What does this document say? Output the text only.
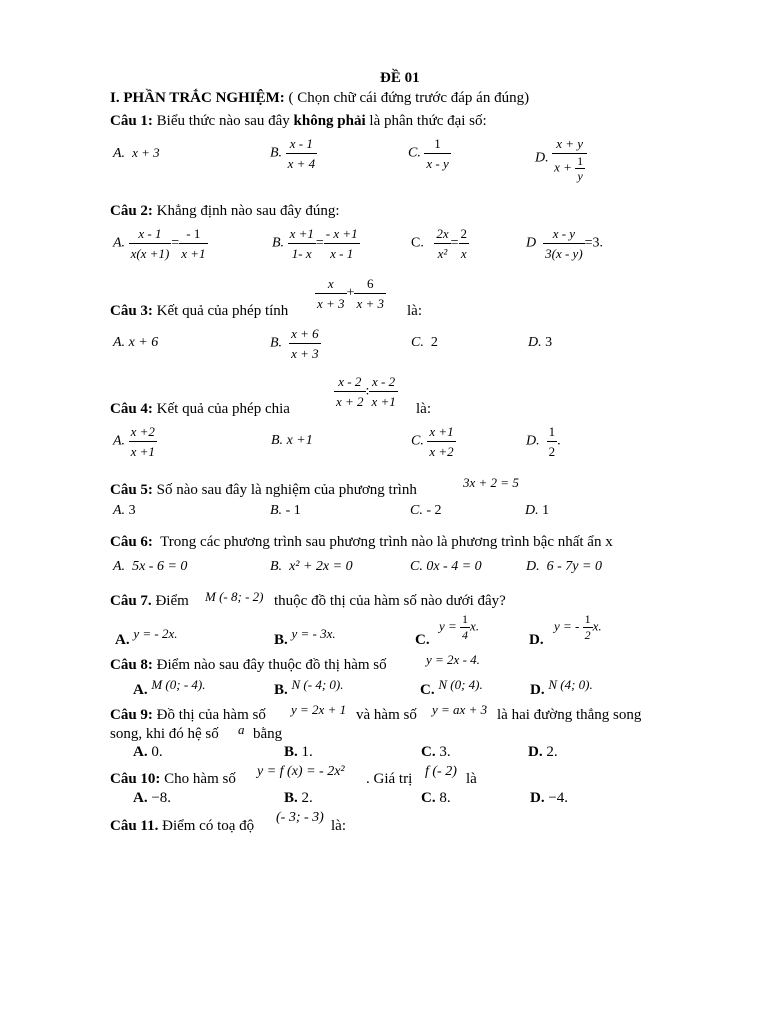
ĐỀ 01
I. PHẦN TRẮC NGHIỆM: ( Chọn chữ cái đứng trước đáp án đúng)
Câu 1: Biểu thức nào sau đây không phải là phân thức đại số:
A. x + 3	B. $\frac{x - 1}{x + 4}$	C. $\frac{1}{x - y}$	D. $\frac{x + y}{x + \frac{1}{y}}$
Câu 2: Khẳng định nào sau đây đúng:
A. $\frac{x - 1}{x(x +1)} = \frac{- 1}{x +1}$	B. $\frac{x +1}{1- x} = \frac{- x +1}{x - 1}$	C. $\frac{2x}{\text{x²}} = \frac{2}{x}$	D $\frac{x - y}{3(x - y)} =3$.
$\frac{x}{x + 3} + \frac{6}{x + 3}$
Câu 3: Kết quả của phép tính	là:
A. x + 6	B. $\frac{x + 6}{x + 3}$	C. 2	D. 3
$\frac{x - 2}{x + 2}$ : $\frac{x - 2}{x +1}$
Câu 4: Kết quả của phép chia	là:
A. $\frac{x +2}{x +1}$	B. x +1	C. $\frac{x +1}{x +2}$	D. $\frac{1}{2}$ .
Câu 5: Số nào sau đây là nghiệm của phương trình	3x + 2 = 5
A. 3	B. - 1	C. - 2	D. 1
Câu 6: Trong các phương trình sau phương trình nào là phương trình bậc nhất ẩn x
A. 5x - 6 = 0	B. x² + 2x = 0	C. 0x - 4 = 0	D. 6 - 7y = 0
Câu 7. Điểm M (- 8; - 2) thuộc đồ thị của hàm số nào dưới đây?
A. y = - 2x.	B. y = - 3x.	C.
$y = \frac{1}{4} x$.
D.
y = - $\frac{1}{2} x$.
Câu 8: Điểm nào sau đây thuộc đồ thị hàm số	y = 2x - 4.
A. M (0; - 4).	B. N (- 4; 0).	C. N (0; 4).	D. N (4; 0).
Câu 9: Đồ thị của hàm số y = 2x + 1 và hàm số y = ax + 3 là hai đường thẳng song
song, khi đó hệ số a bằng
A. 0.	B. 1.	C. 3.	D. 2.
Câu 10: Cho hàm số y = f (x) = - 2x² . Giá trị f (- 2) là
A. −8.	B. 2.	C. 8.	D. −4.
Câu 11. Điểm có toạ độ
(- 3; - 3)
là:
